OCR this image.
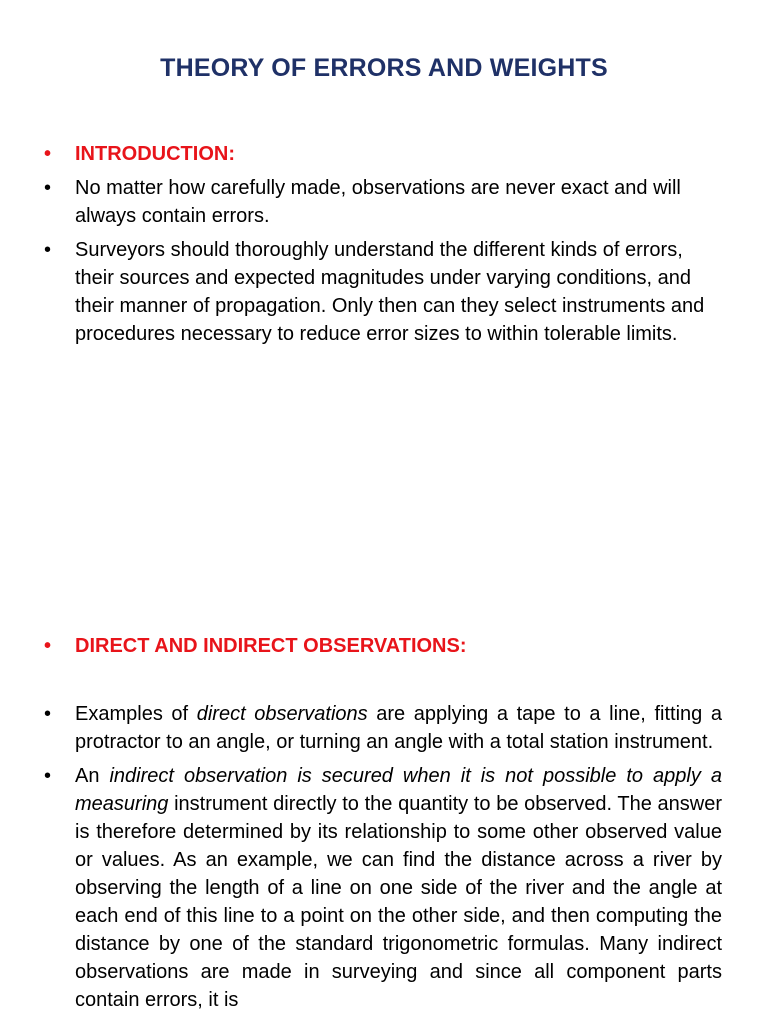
THEORY OF ERRORS AND WEIGHTS
•	INTRODUCTION:
•	No matter how carefully made, observations are never exact and will always contain errors.
•	Surveyors should thoroughly understand the different kinds of errors, their sources and expected magnitudes under varying conditions, and their manner of propagation. Only then can they select instruments and procedures necessary to reduce error sizes to within tolerable limits.
•	DIRECT AND INDIRECT OBSERVATIONS:
•	Examples of direct observations are applying a tape to a line, fitting a protractor to an angle, or turning an angle with a total station instrument.
•	An indirect observation is secured when it is not possible to apply a measuring instrument directly to the quantity to be observed. The answer is therefore determined by its relationship to some other observed value or values. As an example, we can find the distance across a river by observing the length of a line on one side of the river and the angle at each end of this line to a point on the other side, and then computing the distance by one of the standard trigonometric formulas. Many indirect observations are made in surveying and since all component parts contain errors, it is
